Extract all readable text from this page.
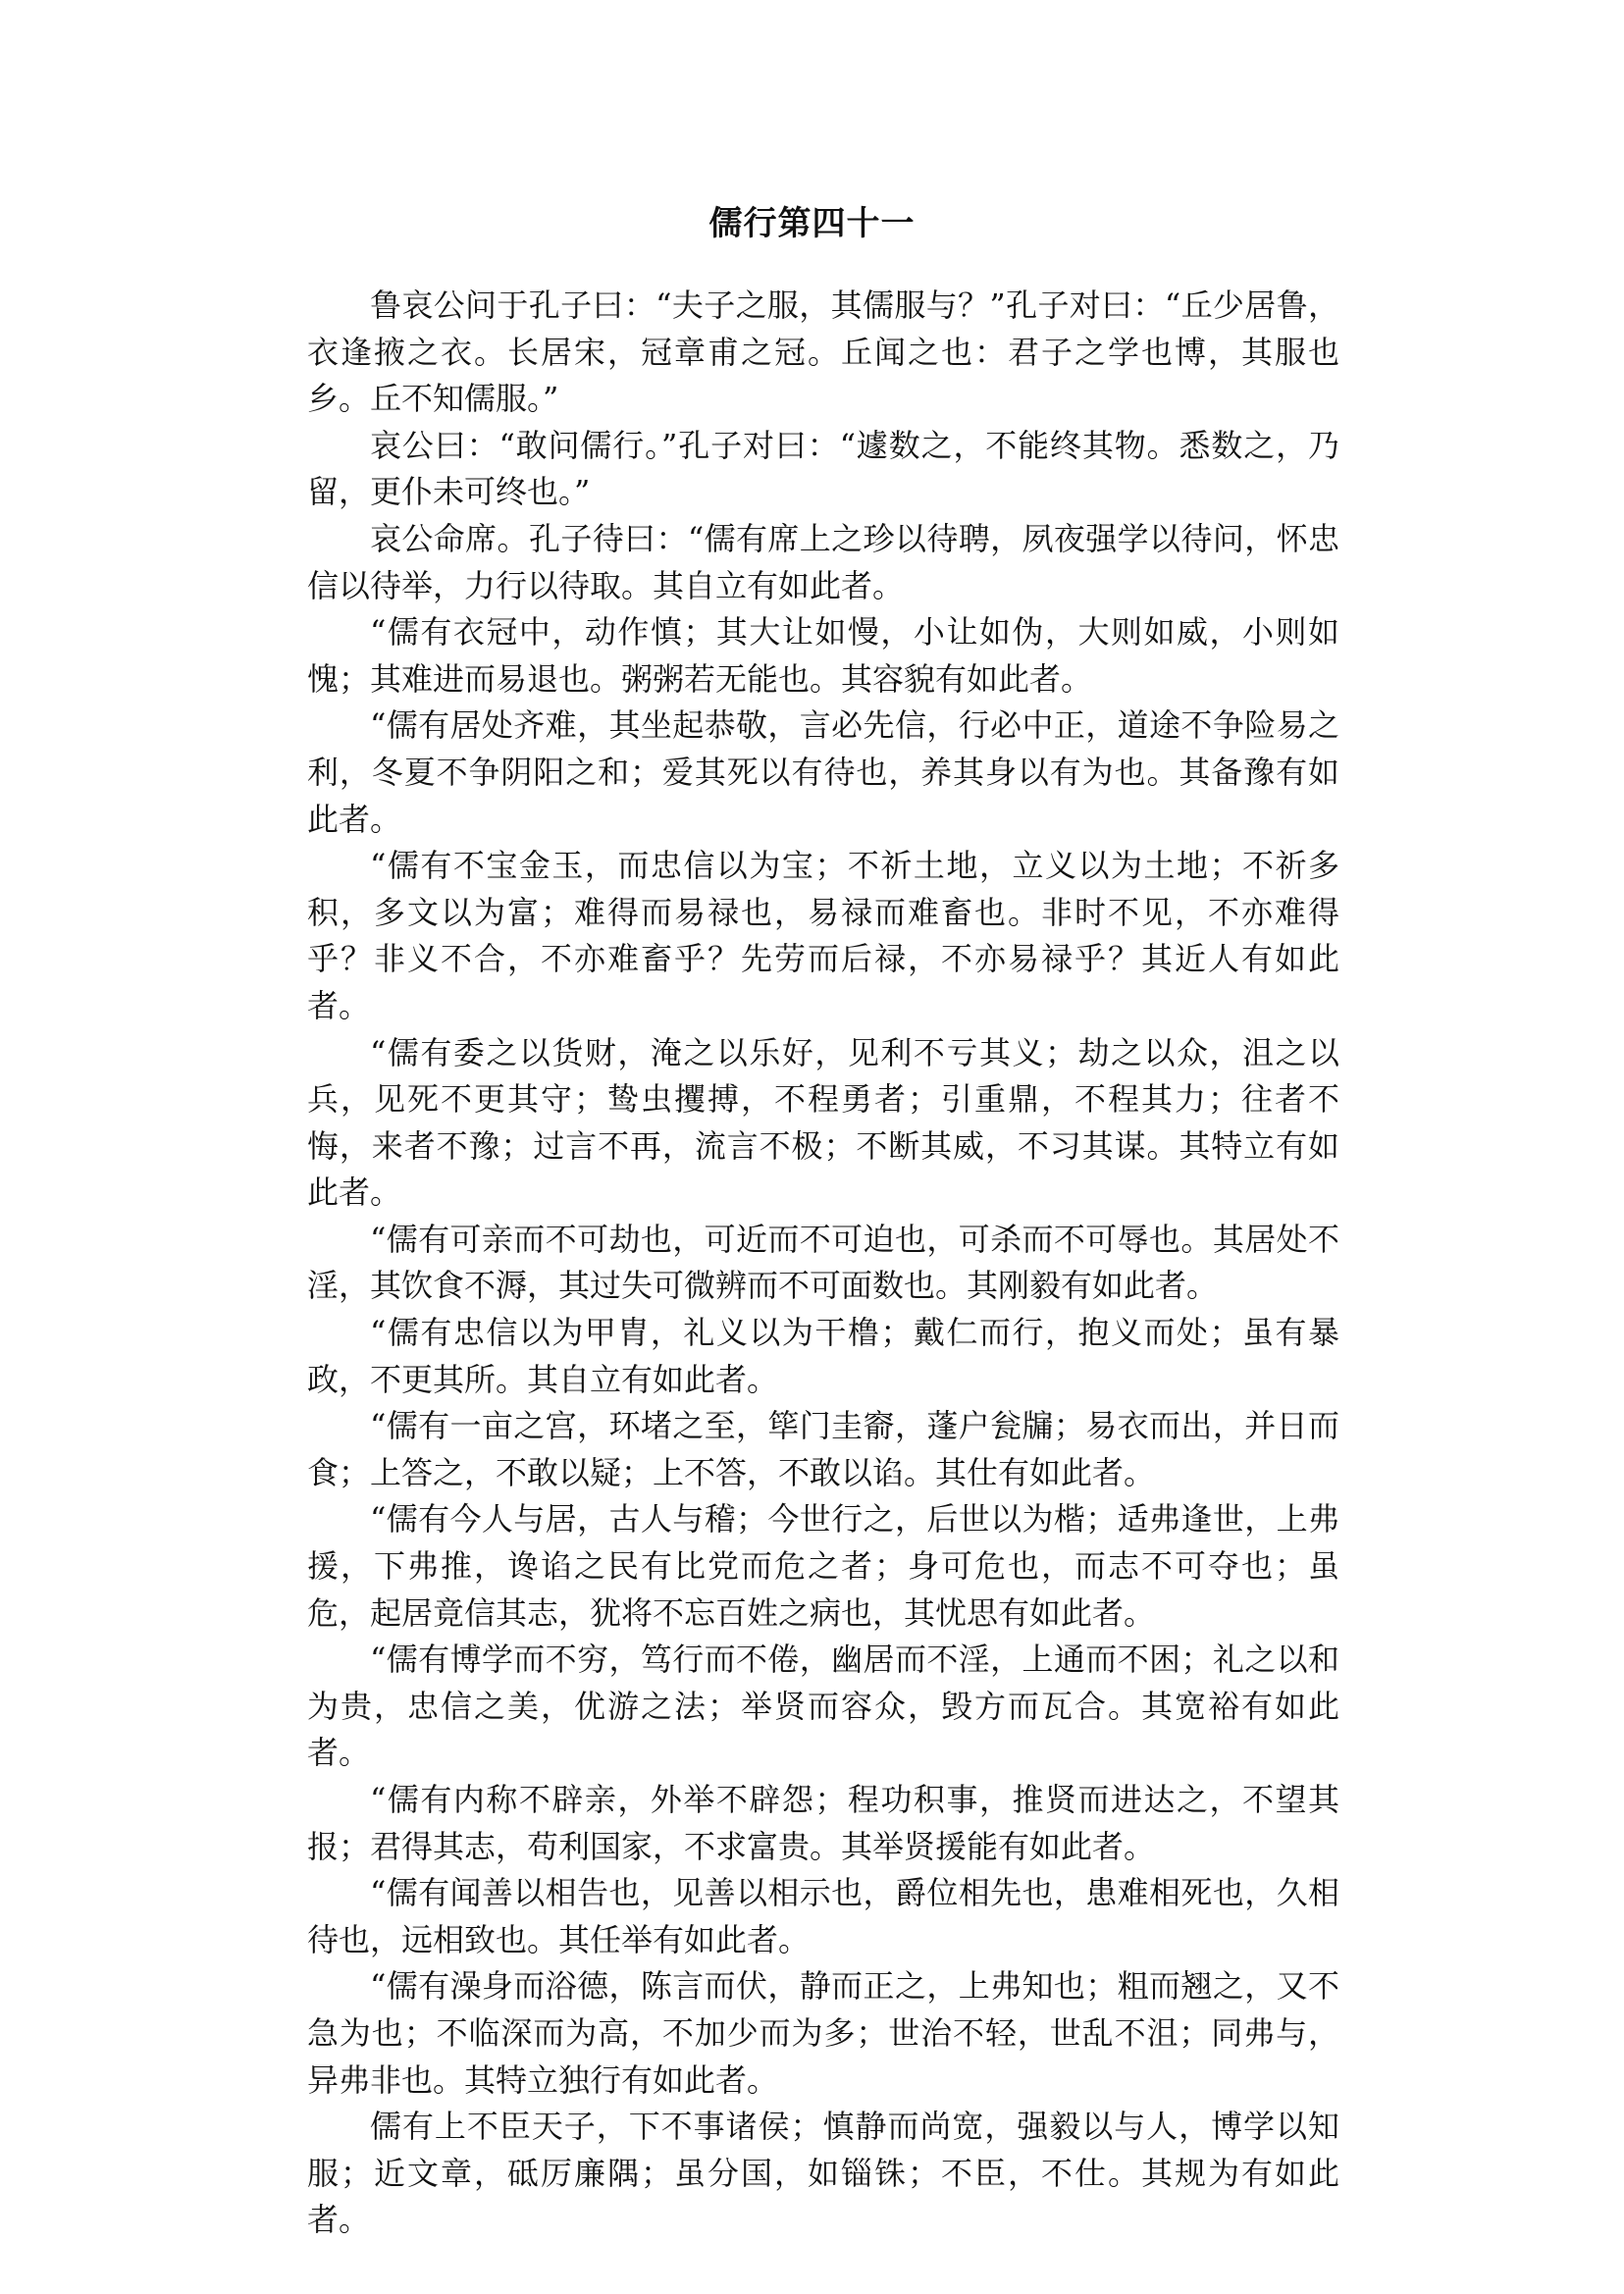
儒行第四十一

鲁哀公问于孔子曰：“夫子之服，其儒服与？”孔子对曰：“丘少居鲁，衣逢掖之衣。长居宋，冠章甫之冠。丘闻之也：君子之学也博，其服也乡。丘不知儒服。”

哀公曰：“敢问儒行。”孔子对曰：“遽数之，不能终其物。悉数之，乃留，更仆未可终也。”

哀公命席。孔子待曰：“儒有席上之珍以待聘，夙夜强学以待问，怀忠信以待举，力行以待取。其自立有如此者。

“儒有衣冠中，动作慎；其大让如慢，小让如伪，大则如威，小则如愧；其难进而易退也。粥粥若无能也。其容貌有如此者。

“儒有居处齐难，其坐起恭敬，言必先信，行必中正，道途不争险易之利，冬夏不争阴阳之和；爱其死以有待也，养其身以有为也。其备豫有如此者。

“儒有不宝金玉，而忠信以为宝；不祈土地，立义以为土地；不祈多积，多文以为富；难得而易禄也，易禄而难畜也。非时不见，不亦难得乎？非义不合，不亦难畜乎？先劳而后禄，不亦易禄乎？其近人有如此者。

“儒有委之以货财，淹之以乐好，见利不亏其义；劫之以众，沮之以兵，见死不更其守；鸷虫攫搏，不程勇者；引重鼎，不程其力；往者不悔，来者不豫；过言不再，流言不极；不断其威，不习其谋。其特立有如此者。

“儒有可亲而不可劫也，可近而不可迫也，可杀而不可辱也。其居处不淫，其饮食不溽，其过失可微辨而不可面数也。其刚毅有如此者。

“儒有忠信以为甲胄，礼义以为干橹；戴仁而行，抱义而处；虽有暴政，不更其所。其自立有如此者。

“儒有一亩之宫，环堵之至，筚门圭窬，蓬户瓮牖；易衣而出，并日而食；上答之，不敢以疑；上不答，不敢以谄。其仕有如此者。

“儒有今人与居，古人与稽；今世行之，后世以为楷；适弗逢世，上弗援，下弗推，谗谄之民有比党而危之者；身可危也，而志不可夺也；虽危，起居竟信其志，犹将不忘百姓之病也，其忧思有如此者。

“儒有博学而不穷，笃行而不倦，幽居而不淫，上通而不困；礼之以和为贵，忠信之美，优游之法；举贤而容众，毁方而瓦合。其宽裕有如此者。

“儒有内称不辟亲，外举不辟怨；程功积事，推贤而进达之，不望其报；君得其志，苟利国家，不求富贵。其举贤援能有如此者。

“儒有闻善以相告也，见善以相示也，爵位相先也，患难相死也，久相待也，远相致也。其任举有如此者。

“儒有澡身而浴德，陈言而伏，静而正之，上弗知也；粗而翘之，又不急为也；不临深而为高，不加少而为多；世治不轻，世乱不沮；同弗与，异弗非也。其特立独行有如此者。

儒有上不臣天子，下不事诸侯；慎静而尚宽，强毅以与人，博学以知服；近文章，砥厉廉隅；虽分国，如锱铢；不臣，不仕。其规为有如此者。
